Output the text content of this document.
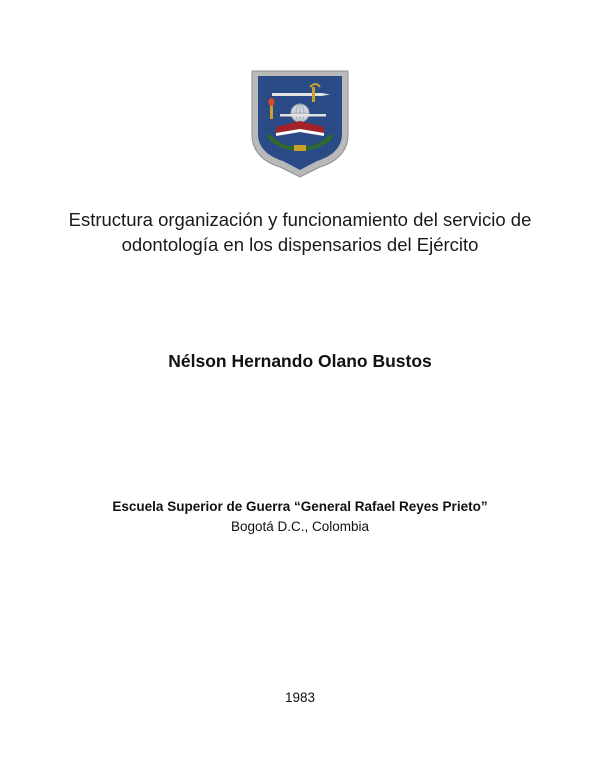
Estructura organización y funcionamiento del servicio de odontología en los dispensarios del Ejército
Nélson Hernando Olano Bustos

Escuela Superior de Guerra “General Rafael Reyes Prieto”

Bogotá D.C., Colombia

1983
